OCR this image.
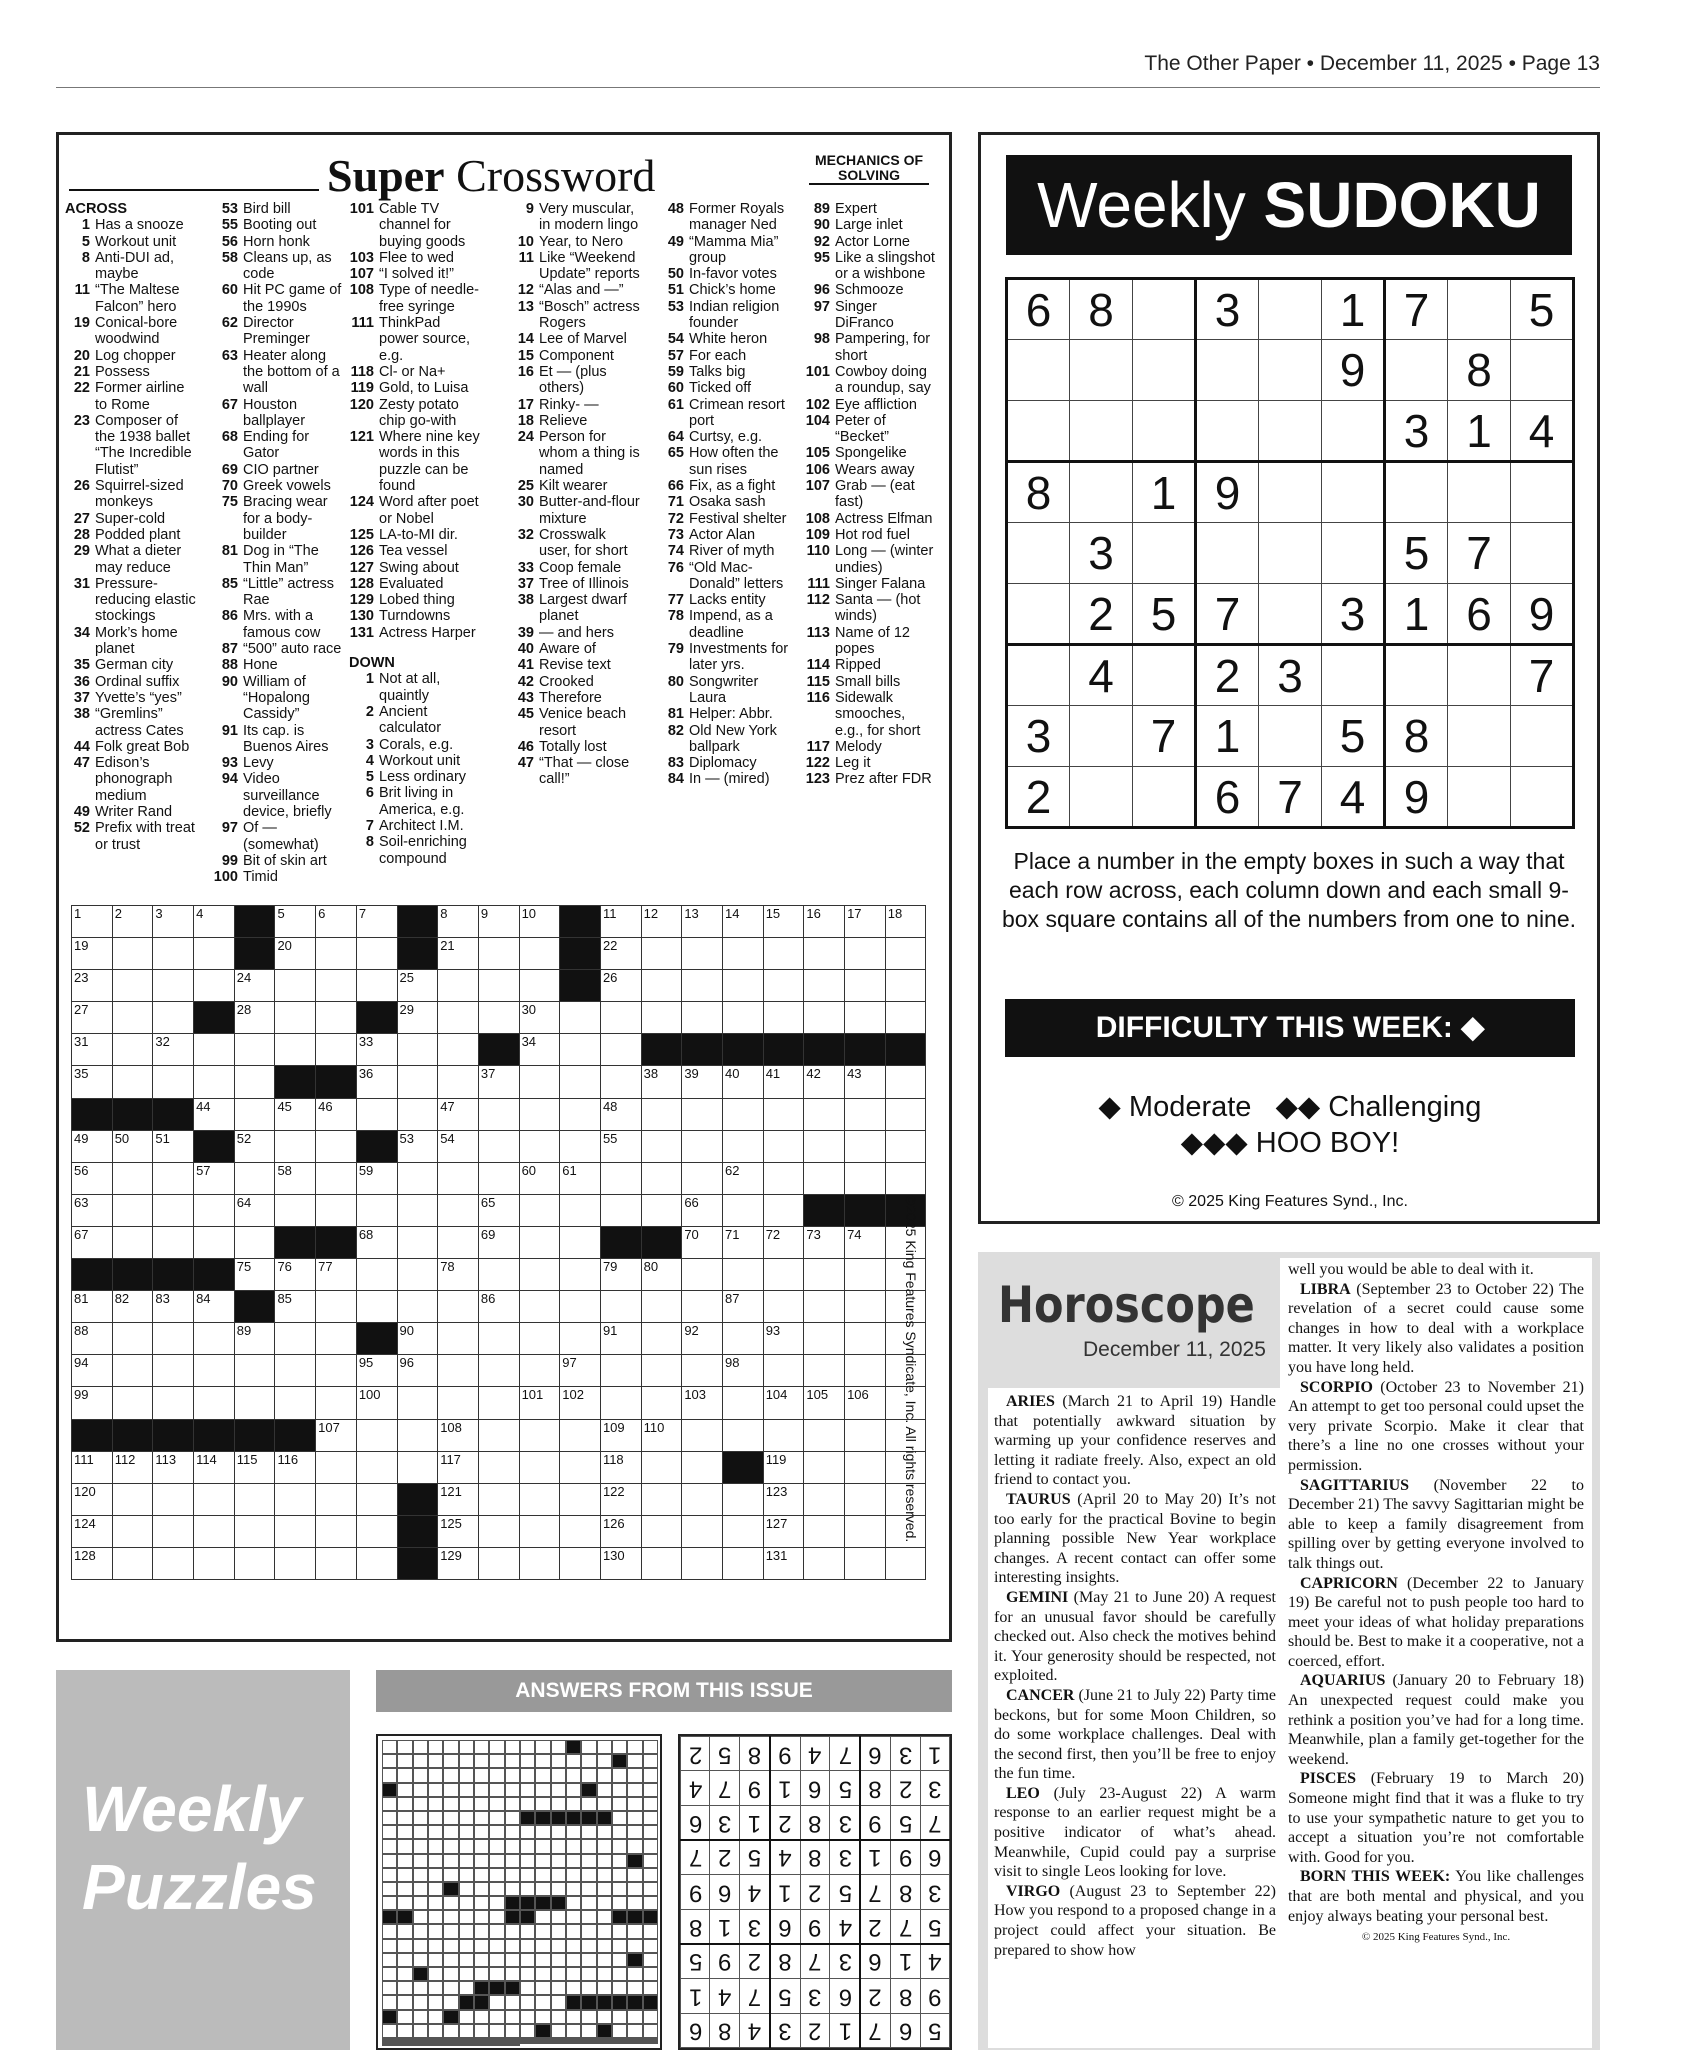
The Other Paper • December 11, 2025 • Page 13
Super Crossword	MECHANICS OF SOLVING
ACROSS
1 Has a snooze
5 Workout unit
8 Anti-DUI ad, maybe
11 “The Maltese Falcon” hero
19 Conical-bore woodwind
20 Log chopper
21 Possess
22 Former airline to Rome
23 Composer of the 1938 ballet “The Incredible Flutist”
26 Squirrel-sized monkeys
27 Super-cold
28 Podded plant
29 What a dieter may reduce
31 Pressure-reducing elastic stockings
34 Mork’s home planet
35 German city
36 Ordinal suffix
37 Yvette’s “yes”
38 “Gremlins” actress Cates
44 Folk great Bob
47 Edison’s phonograph medium
49 Writer Rand
52 Prefix with treat or trust
53 Bird bill
55 Booting out
56 Horn honk
58 Cleans up, as code
60 Hit PC game of the 1990s
62 Director Preminger
63 Heater along the bottom of a wall
67 Houston ballplayer
68 Ending for Gator
69 CIO partner
70 Greek vowels
75 Bracing wear for a body-builder
81 Dog in “The Thin Man”
85 “Little” actress Rae
86 Mrs. with a famous cow
87 “500” auto race
88 Hone
90 William of “Hopalong Cassidy”
91 Its cap. is Buenos Aires
93 Levy
94 Video surveillance device, briefly
97 Of — (somewhat)
99 Bit of skin art
100 Timid
101 Cable TV channel for buying goods
103 Flee to wed
107 “I solved it!”
108 Type of needle-free syringe
111 ThinkPad power source, e.g.
118 Cl- or Na+
119 Gold, to Luisa
120 Zesty potato chip go-with
121 Where nine key words in this puzzle can be found
124 Word after poet or Nobel
125 LA-to-MI dir.
126 Tea vessel
127 Swing about
128 Evaluated
129 Lobed thing
130 Turndowns
131 Actress Harper
DOWN
1 Not at all, quaintly
2 Ancient calculator
3 Corals, e.g.
4 Workout unit
5 Less ordinary
6 Brit living in America, e.g.
7 Architect I.M.
8 Soil-enriching compound
9 Very muscular, in modern lingo
10 Year, to Nero
11 Like “Weekend Update” reports
12 “Alas and —”
13 “Bosch” actress Rogers
14 Lee of Marvel
15 Component
16 Et — (plus others)
17 Rinky- —
18 Relieve
24 Person for whom a thing is named
25 Kilt wearer
30 Butter-and-flour mixture
32 Crosswalk user, for short
33 Coop female
37 Tree of Illinois
38 Largest dwarf planet
39 — and hers
40 Aware of
41 Revise text
42 Crooked
43 Therefore
45 Venice beach resort
46 Totally lost
47 “That — close call!”
48 Former Royals manager Ned
49 “Mamma Mia” group
50 In-favor votes
51 Chick’s home
53 Indian religion founder
54 White heron
57 For each
59 Talks big
60 Ticked off
61 Crimean resort port
64 Curtsy, e.g.
65 How often the sun rises
66 Fix, as a fight
71 Osaka sash
72 Festival shelter
73 Actor Alan
74 River of myth
76 “Old Mac-Donald” letters
77 Lacks entity
78 Impend, as a deadline
79 Investments for later yrs.
80 Songwriter Laura
81 Helper: Abbr.
82 Old New York ballpark
83 Diplomacy
84 In — (mired)
89 Expert
90 Large inlet
92 Actor Lorne
95 Like a slingshot or a wishbone
96 Schmooze
97 Singer DiFranco
98 Pampering, for short
101 Cowboy doing a roundup, say
102 Eye affliction
104 Peter of “Becket”
105 Spongelike
106 Wears away
107 Grab — (eat fast)
108 Actress Elfman
109 Hot rod fuel
110 Long — (winter undies)
111 Singer Falana
112 Santa — (hot winds)
113 Name of 12 popes
114 Ripped
115 Small bills
116 Sidewalk smooches, e.g., for short
117 Melody
122 Leg it
123 Prez after FDR
1	2	3	4		5	6	7		8	9	10		11	12	13	14	15	16	17	18
19					20				21				22							
23				24				25					26							
27				28				29			30									
31		32					33				34									
35							36			37				38	39	40	41	42	43	
			44		45	46			47				48							
49	50	51		52				53	54				55							
56			57		58		59				60	61				62				
63				64						65					66					
67							68			69					70	71	72	73	74	
				75	76	77			78				79	80						
81	82	83	84		85					86						87				
88				89				90					91		92		93			
94							95	96				97				98				
99							100				101	102			103		104	105	106	
						107			108				109	110						
111	112	113	114	115	116				117				118				119			
120									121				122				123			
124									125				126				127			
128									129				130				131			
©2025 King Features Syndicate, Inc. All rights reserved.
Weekly SUDOKU
6	8		3		1	7		5
					9		8	
						3	1	4
8		1	9					
	3					5	7	
	2	5	7		3	1	6	9
	4		2	3				7
3		7	1		5	8		
2			6	7	4	9		
Place a number in the empty boxes in such a way that each row across, each column down and each small 9-box square contains all of the numbers from one to nine.
DIFFICULTY THIS WEEK: ◆
◆ Moderate   ◆◆ Challenging
◆◆◆ HOO BOY!
© 2025 King Features Synd., Inc.
Horoscope
December 11, 2025

ARIES (March 21 to April 19) Handle that potentially awkward situation by warming up your confidence reserves and letting it radiate freely. Also, expect an old friend to contact you.

TAURUS (April 20 to May 20) It’s not too early for the practical Bovine to begin planning possible New Year workplace changes. A recent contact can offer some interesting insights.

GEMINI (May 21 to June 20) A request for an unusual favor should be carefully checked out. Also check the motives behind it. Your generosity should be respected, not exploited.

CANCER (June 21 to July 22) Party time beckons, but for some Moon Children, so do some workplace challenges. Deal with the second first, then you’ll be free to enjoy the fun time.

LEO (July 23-August 22) A warm response to an earlier request might be a positive indicator of what’s ahead. Meanwhile, Cupid could pay a surprise visit to single Leos looking for love.

VIRGO (August 23 to September 22) How you respond to a proposed change in a project could affect your situation. Be prepared to show how

well you would be able to deal with it.

LIBRA (September 23 to October 22) The revelation of a secret could cause some changes in how to deal with a workplace matter. It very likely also validates a position you have long held.

SCORPIO (October 23 to November 21) An attempt to get too personal could upset the very private Scorpio. Make it clear that there’s a line no one crosses without your permission.

SAGITTARIUS (November 22 to December 21) The savvy Sagittarian might be able to keep a family disagreement from spilling over by getting everyone involved to talk things out.

CAPRICORN (December 22 to January 19) Be careful not to push people too hard to meet your ideas of what holiday preparations should be. Best to make it a cooperative, not a coerced, effort.

AQUARIUS (January 20 to February 18) An unexpected request could make you rethink a position you’ve had for a long time. Meanwhile, plan a family get-together for the weekend.

PISCES (February 19 to March 20) Someone might find that it was a fluke to try to use your sympathetic nature to get you to accept a situation you’re not comfortable with. Good for you.

BORN THIS WEEK: You like challenges that are both mental and physical, and you enjoy always beating your personal best.

© 2025 King Features Synd., Inc.
Weekly
Puzzles
ANSWERS FROM THIS ISSUE
2	5	8	9	4	7	6	3	1
4	7	9	1	6	5	8	2	3
6	3	1	2	8	3	9	5	7
7	2	5	4	8	3	1	9	6
9	6	4	1	2	5	7	8	3
8	1	3	6	9	4	2	7	5
5	9	2	8	7	3	6	1	4
1	4	7	5	3	6	2	8	9
6	8	4	3	2	1	7	6	5
